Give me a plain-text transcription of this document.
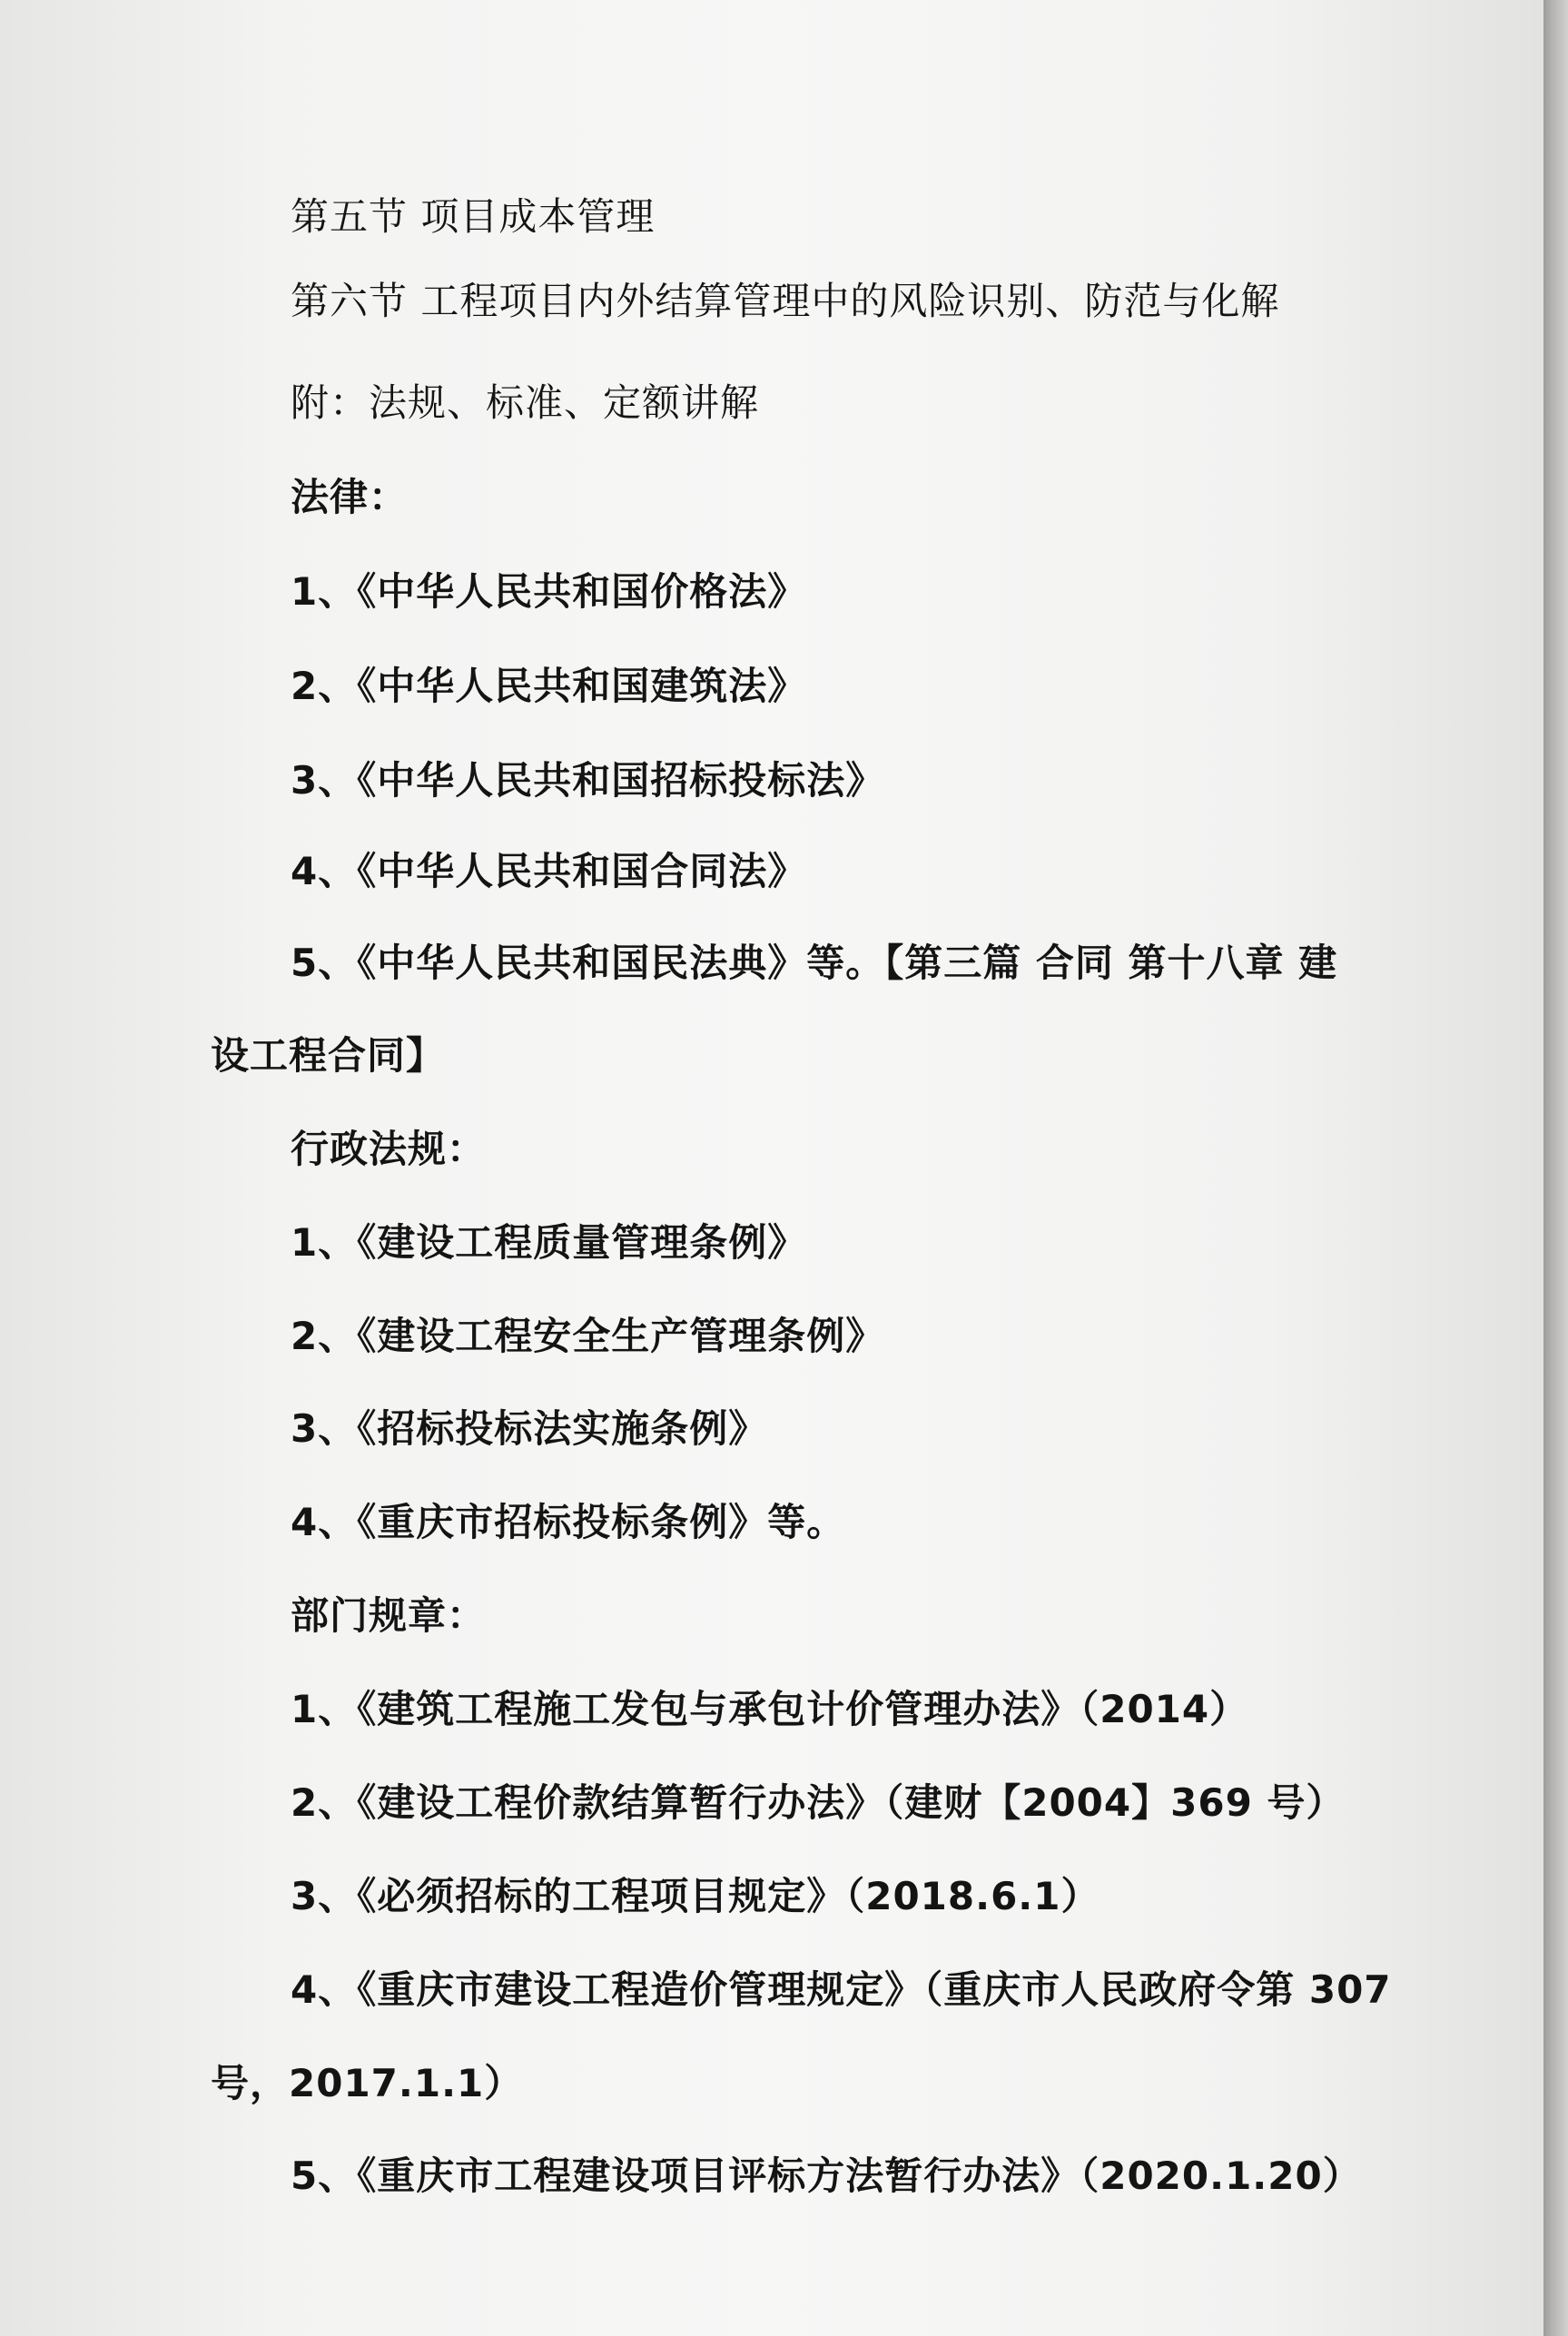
第五节 项目成本管理
第六节 工程项目内外结算管理中的风险识别、防范与化解
附：法规、标准、定额讲解
法律：
1、《中华人民共和国价格法》
2、《中华人民共和国建筑法》
3、《中华人民共和国招标投标法》
4、《中华人民共和国合同法》
5、《中华人民共和国民法典》等。【第三篇 合同 第十八章 建
设工程合同】
行政法规：
1、《建设工程质量管理条例》
2、《建设工程安全生产管理条例》
3、《招标投标法实施条例》
4、《重庆市招标投标条例》等。
部门规章：
1、《建筑工程施工发包与承包计价管理办法》（2014）
2、《建设工程价款结算暂行办法》（建财【2004】369 号）
3、《必须招标的工程项目规定》（2018.6.1）
4、《重庆市建设工程造价管理规定》（重庆市人民政府令第 307
号，2017.1.1）
5、《重庆市工程建设项目评标方法暂行办法》（2020.1.20）
